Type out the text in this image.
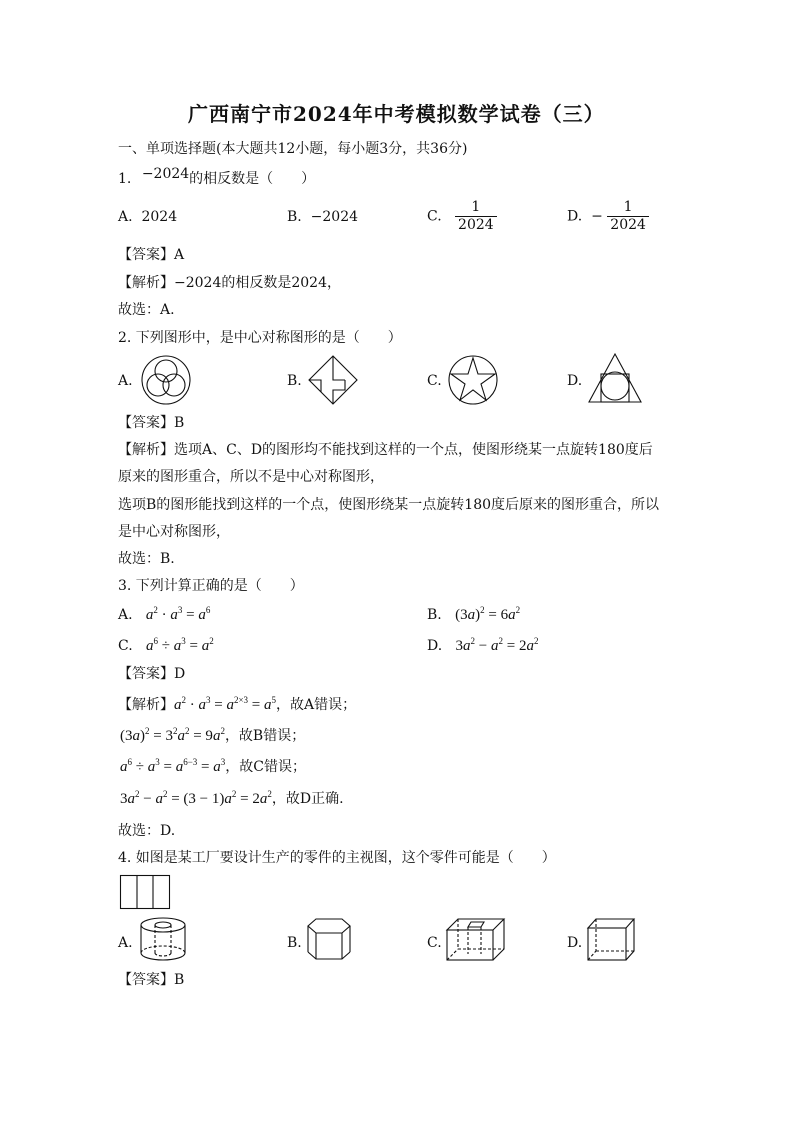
广西南宁市2024年中考模拟数学试卷（三）
一、单项选择题(本大题共12小题，每小题3分，共36分)
1. −2024的相反数是（　　）
A. 2024	B. −2024	C. $\frac{1}{2024}$	D. − $\frac{1}{2024}$
【答案】A
【解析】−2024的相反数是2024，
故选：A.
2. 下列图形中，是中心对称图形的是（　　）
A.	B.	C.	D.
【答案】B
【解析】选项A、C、D的图形均不能找到这样的一个点，使图形绕某一点旋转180度后
原来的图形重合，所以不是中心对称图形，
选项B的图形能找到这样的一个点，使图形绕某一点旋转180度后原来的图形重合，所以
是中心对称图形，
故选：B.
3. 下列计算正确的是（　　）
A. $a^2 \cdot a^3 = a^6$	B. $(3a)^2 = 6a^2$
C. $a^6 \div a^3 = a^2$	D. $3a^2 - a^2 = 2a^2$
【答案】D
【解析】$a^2 \cdot a^3 = a^{2\times 3} = a^5$，故A错误；
$(3a)^2 = 3^2a^2 = 9a^2$，故B错误；
$a^6 \div a^3 = a^{6-3} = a^3$，故C错误；
$3a^2 - a^2 = (3 - 1)a^2 = 2a^2$，故D正确.
故选：D.
4. 如图是某工厂要设计生产的零件的主视图，这个零件可能是（　　）
A.	B.	C.	D.
【答案】B
